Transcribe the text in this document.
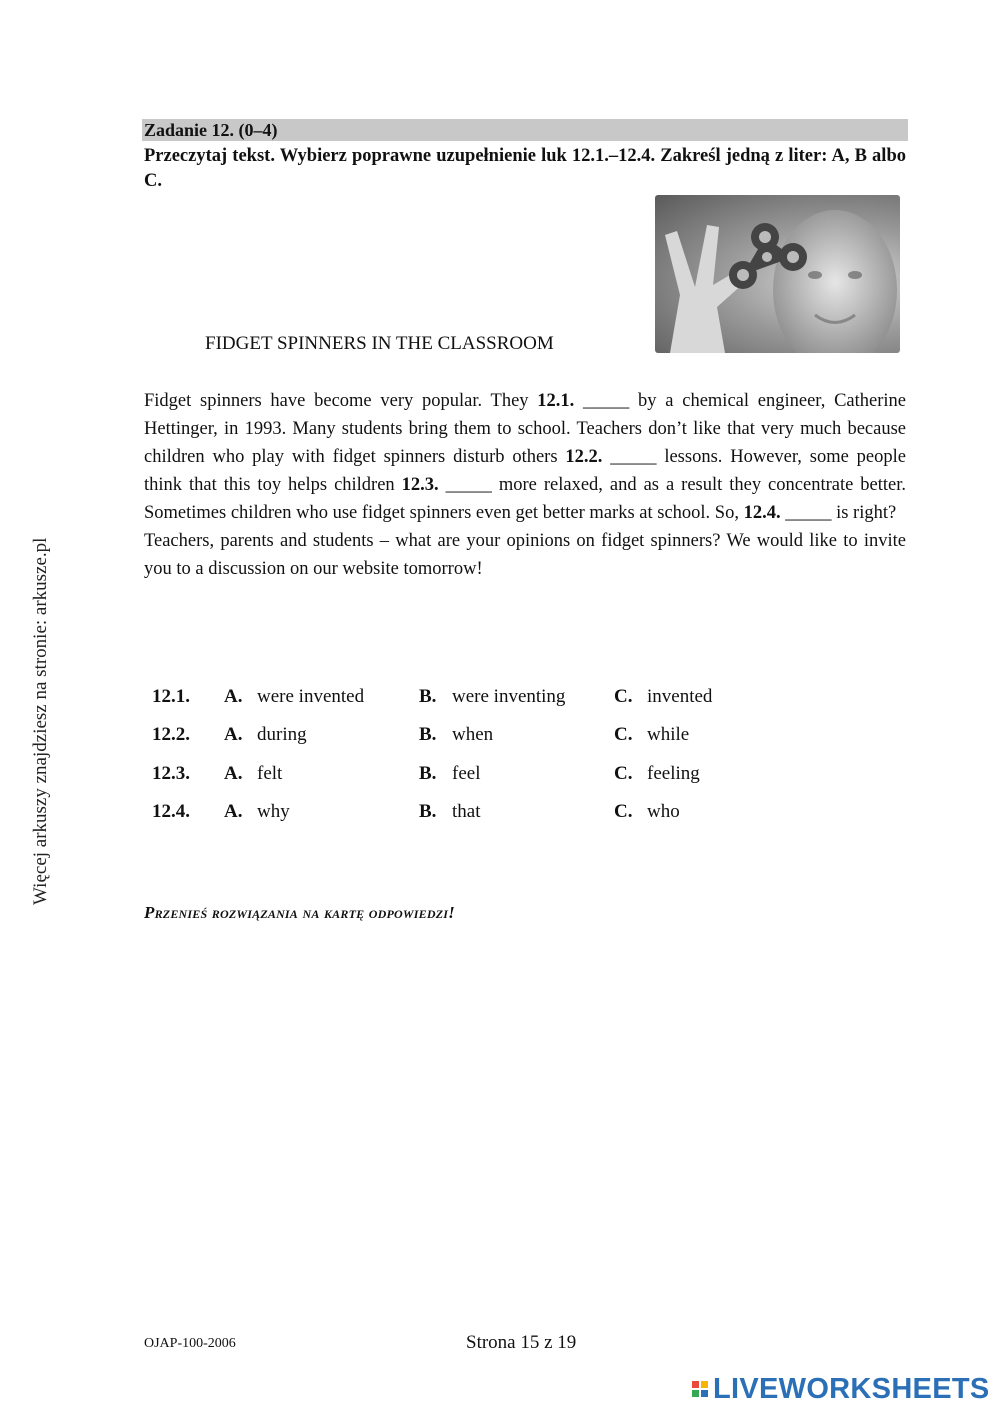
Więcej arkuszy znajdziesz na stronie: arkusze.pl
Zadanie 12. (0–4)
Przeczytaj tekst. Wybierz poprawne uzupełnienie luk 12.1.–12.4. Zakreśl jedną z liter: A, B albo C.
FIDGET SPINNERS IN THE CLASSROOM

Fidget spinners have become very popular. They 12.1. _____ by a chemical engineer, Catherine Hettinger, in 1993. Many students bring them to school. Teachers don’t like that very much because children who play with fidget spinners disturb others 12.2. _____ lessons. However, some people think that this toy helps children 12.3. _____ more relaxed, and as a result they concentrate better. Sometimes children who use fidget spinners even get better marks at school. So, 12.4. _____ is right?

Teachers, parents and students – what are your opinions on fidget spinners? We would like to invite you to a discussion on our website tomorrow!

12.1. A. were invented	B. were inventing	C. invented
12.2. A. during	B. when	C. while
12.3. A. felt	B. feel	C. feeling
12.4. A. why	B. that	C. who
Przenieś rozwiązania na kartę odpowiedzi!
OJAP-100-2006	Strona 15 z 19
LIVEWORKSHEETS
